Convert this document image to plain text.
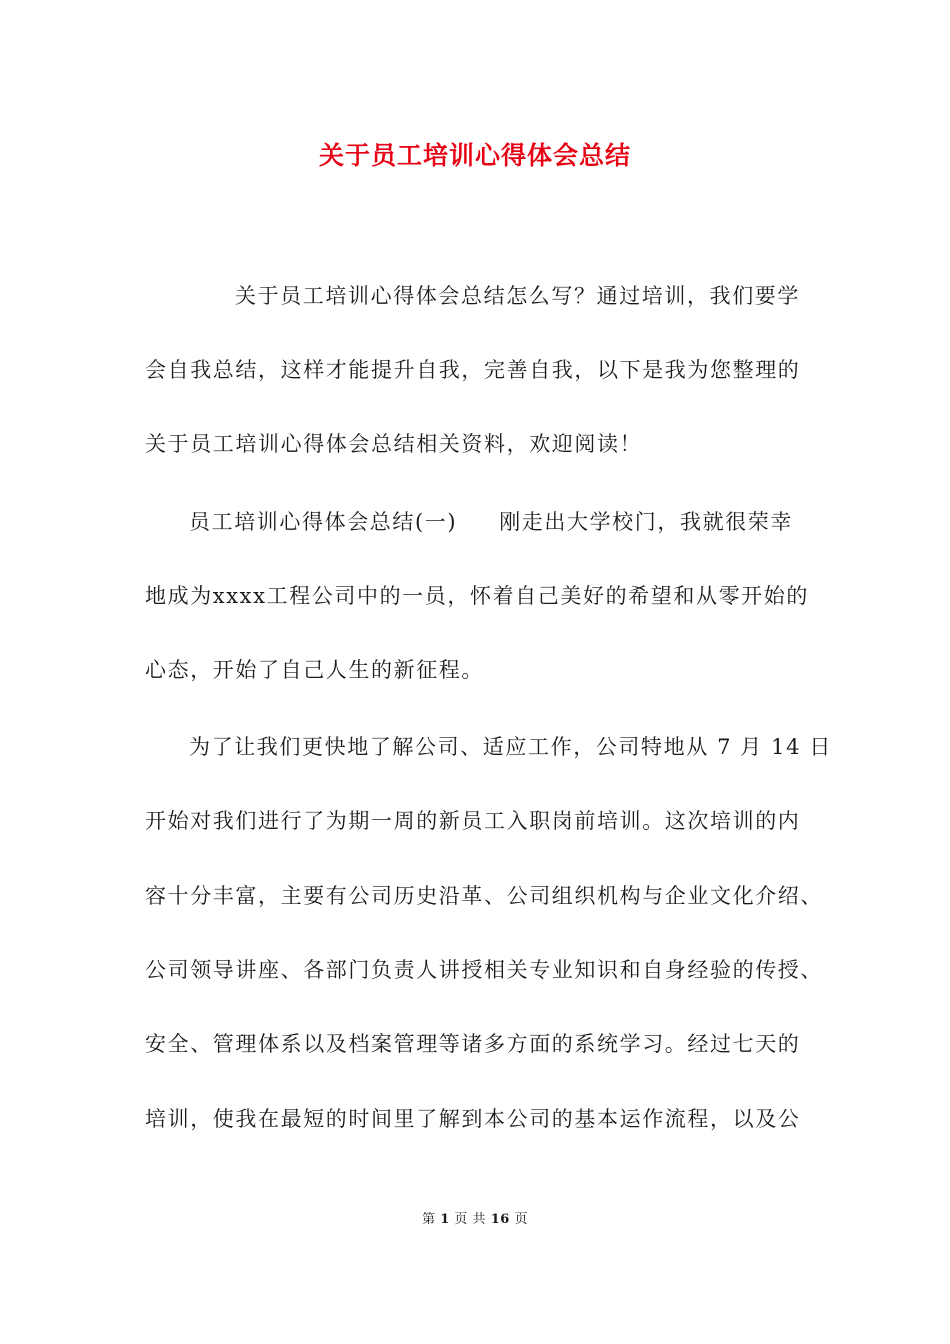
关于员工培训心得体会总结
关于员工培训心得体会总结怎么写？通过培训，我们要学
会自我总结，这样才能提升自我，完善自我，以下是我为您整理的
关于员工培训心得体会总结相关资料，欢迎阅读！
员工培训心得体会总结(一) 刚走出大学校门，我就很荣幸
地成为xxxx工程公司中的一员，怀着自己美好的希望和从零开始的
心态，开始了自己人生的新征程。
为了让我们更快地了解公司、适应工作，公司特地从 7 月 14 日
开始对我们进行了为期一周的新员工入职岗前培训。这次培训的内
容十分丰富，主要有公司历史沿革、公司组织机构与企业文化介绍、
公司领导讲座、各部门负责人讲授相关专业知识和自身经验的传授、
安全、管理体系以及档案管理等诸多方面的系统学习。经过七天的
培训，使我在最短的时间里了解到本公司的基本运作流程，以及公
第 1 页 共 16 页
